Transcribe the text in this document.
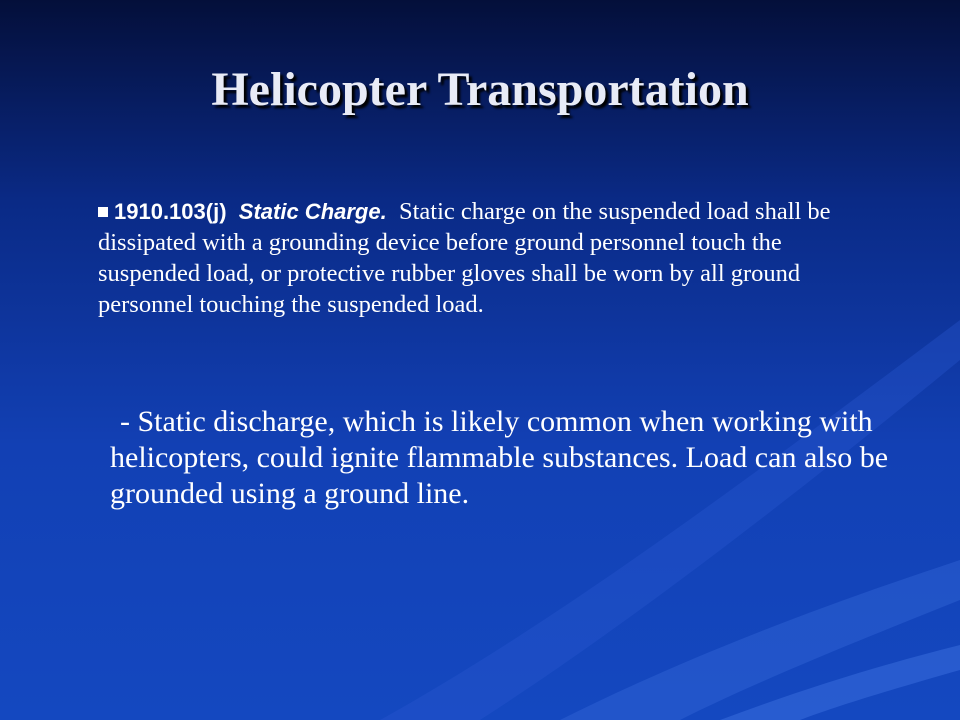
Helicopter Transportation
1910.103(j) Static Charge. Static charge on the suspended load shall be dissipated with a grounding device before ground personnel touch the suspended load, or protective rubber gloves shall be worn by all ground personnel touching the suspended load.
- Static discharge, which is likely common when working with helicopters, could ignite flammable substances. Load can also be grounded using a ground line.
